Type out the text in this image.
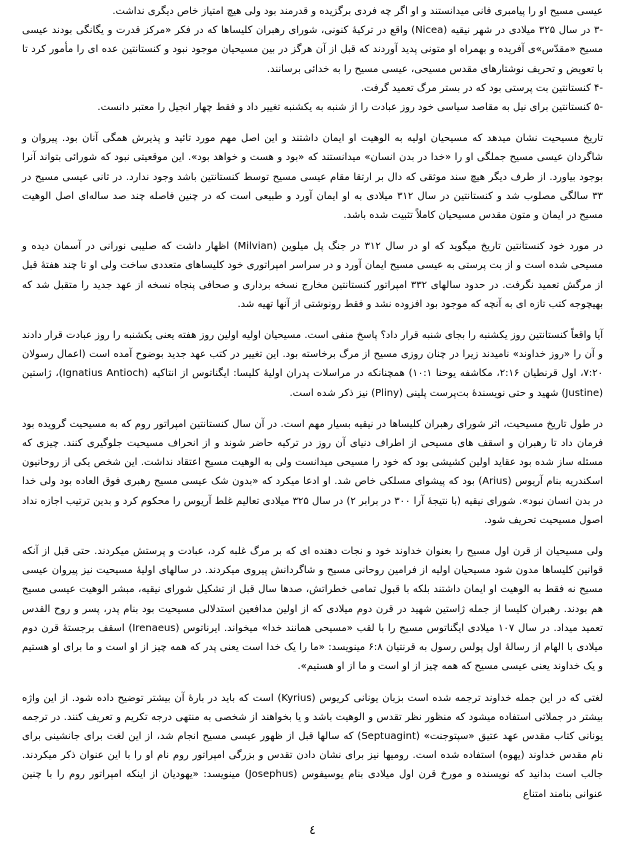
عیسی مسیح او را پیامبری فانی میدانستند و او اگر چه فردی برگزیده و قدرمند بود ولی هیچ امتیاز خاص دیگری نداشت.

-۳ در سال ۳۲۵ میلادی در شهر نیقیه (Nicea) واقع در ترکیهٔ کنونی، شورای رهبران کلیساها که در فکر «مرکز قدرت و یگانگی بودند عیسی مسیح «مقدّس»ی آفریده و بهمراه او متونی پدید آوردند که قبل از آن هرگز در بین مسیحیان موجود نبود و کنستانتین عده ای را مأمور کرد تا با تعویض و تحریف نوشتارهای مقدس مسیحی، عیسی مسیح را به خدائی برسانند.

-۴ کنستانتین بت پرستی بود که در بستر مرگ تعمید گرفت.

-۵ کنستانتین برای نیل به مقاصد سیاسی خود روز عبادت را از شنبه به یکشنبه تغییر داد و فقط چهار انجیل را معتبر دانست.

تاریخ مسیحیت نشان میدهد که مسیحیان اولیه به الوهیت او ایمان داشتند و این اصل مهم مورد تائید و پذیرش همگی آنان بود. پیروان و شاگردان عیسی مسیح جملگی او را «خدا در بدن انسان» میدانستند که «بود و هست و خواهد بود». این موقعیتی نبود که شورائی بتواند آنرا بوجود بیاورد. از طرف دیگر هیچ سند موثقی که دال بر ارتقا مقام عیسی مسیح توسط کنستانتین باشد وجود ندارد. در ثانی عیسی مسیح در ۳۳ سالگی مصلوب شد و کنستانتین در سال ۳۱۲ میلادی به او ایمان آورد و طبیعی است که در چنین فاصله چند صد ساله‌ای اصل الوهیت مسیح در ایمان و متون مقدس مسیحیان کاملاً تثبیت شده باشد.

در مورد خود کنستانتین تاریخ میگوید که او در سال ۳۱۲ در جنگ پل میلوین (Milvian) اظهار داشت که صلیبی نورانی در آسمان دیده و مسیحی شده است و از بت پرستی به عیسی مسیح ایمان آورد و در سراسر امپراتوری خود کلیساهای متعددی ساخت ولی او تا چند هفتهٔ قبل از مرگش تعمید نگرفت. در حدود سالهای ۳۳۲ امپراتور کنستانتین مخارج نسخه برداری و صحافی پنجاه نسخه از عهد جدید را متقبل شد که بهیچوجه کتب تازه ای به آنچه که موجود بود افزوده نشد و فقط رونوشتی از آنها تهیه شد.

آیا واقعاً کنستانتین روز یکشنبه را بجای شنبه قرار داد؟ پاسخ منفی است. مسیحیان اولیه اولین روز هفته یعنی یکشنبه را روز عبادت قرار دادند و آن را «روز خداوند» نامیدند زیرا در چنان روزی مسیح از مرگ برخاسته بود. این تغییر در کتب عهد جدید بوضوح آمده است (اعمال رسولان ۷:۲۰، اول قرنطیان ۲:۱۶، مکاشفه یوحنا ۱۰:۱) همچنانکه در مراسلات پدران اولیهٔ کلیسا: ایگناتوس از انتاکیه (Ignatius Antioch)، ژاستین (Justine) شهید و حتی نویسندهٔ بت‌پرست پلینی (Pliny) نیز ذکر شده است.

در طول تاریخ مسیحیت، اثر شورای رهبران کلیساها در نیقیه بسیار مهم است. در آن سال کنستانتین امپراتور روم که به مسیحیت گرویده بود فرمان داد تا رهبران و اسقف های مسیحی از اطراف دنیای آن روز در ترکیه حاضر شوند و از انحراف مسیحیت جلوگیری کنند. چیزی که مسئله ساز شده بود عقاید اولین کشیشی بود که خود را مسیحی میدانست ولی به الوهیت مسیح اعتقاد نداشت. این شخص یکی از روحانیون اسکندریه بنام آریوس (Arius) بود که پیشوای مسلکی خاص شد. او ادعا میکرد که «بدون شک عیسی مسیح رهبری فوق العاده بود ولی خدا در بدن انسان نبود». شورای نیقیه (با نتیجهٔ آرا ۳۰۰ در برابر ۲) در سال ۳۲۵ میلادی تعالیم غلط آریوس را محکوم کرد و بدین ترتیب اجازه نداد اصول مسیحیت تحریف شود.

ولی مسیحیان از قرن اول مسیح را بعنوان خداوند خود و نجات دهنده ای که بر مرگ غلبه کرد، عبادت و پرستش میکردند. حتی قبل از آنکه قوانین کلیساها مدون شود مسیحیان اولیه از فرامین روحانی مسیح و شاگردانش پیروی میکردند. در سالهای اولیهٔ مسیحیت نیز پیروان عیسی مسیح نه فقط به الوهیت او ایمان داشتند بلکه با قبول تمامی خطراتش، صدها سال قبل از تشکیل شورای نیقیه، مبشر الوهیت عیسی مسیح هم بودند. رهبران کلیسا از جمله ژاستین شهید در قرن دوم میلادی که از اولین مدافعین استدلالی مسیحیت بود بنام پدر، پسر و روح القدس تعمید میداد. در سال ۱۰۷ میلادی ایگناتوس مسیح را با لقب «مسیحی همانند خدا» میخواند. ایرناتوس (Irenaeus) اسقف برجستهٔ قرن دوم میلادی با الهام از رسالهٔ اول پولس رسول به قرنتیان ۶:۸ مینویسد: «ما را یک خدا است یعنی پدر که همه چیز از او است و ما برای او هستیم و یک خداوند یعنی عیسی مسیح که همه چیز از او است و ما از او هستیم».

لغتی که در این جمله خداوند ترجمه شده است بزبان یونانی کریوس (Kyrius) است که باید در بارهٔ آن بیشتر توضیح داده شود. از این واژه بیشتر در جملاتی استفاده میشود که منظور نظر تقدس و الوهیت باشد و یا بخواهند از شخصی به منتهی درجه تکریم و تعریف کنند. در ترجمه یونانی کتاب مقدس عهد عتیق «سپتوجنت» (Septuagint) که سالها قبل از ظهور عیسی مسیح انجام شد، از این لغت برای جانشینی برای نام مقدس خداوند (یهوه) استفاده شده است. رومیها نیز برای نشان دادن تقدس و بزرگی امپراتور روم نام او را با این عنوان ذکر میکردند. جالب است بدانید که نویسنده و مورخ قرن اول میلادی بنام یوسیفوس (Josephus) مینویسد: «یهودیان از اینکه امپراتور روم را با چنین عنوانی بنامند امتناع

٤
